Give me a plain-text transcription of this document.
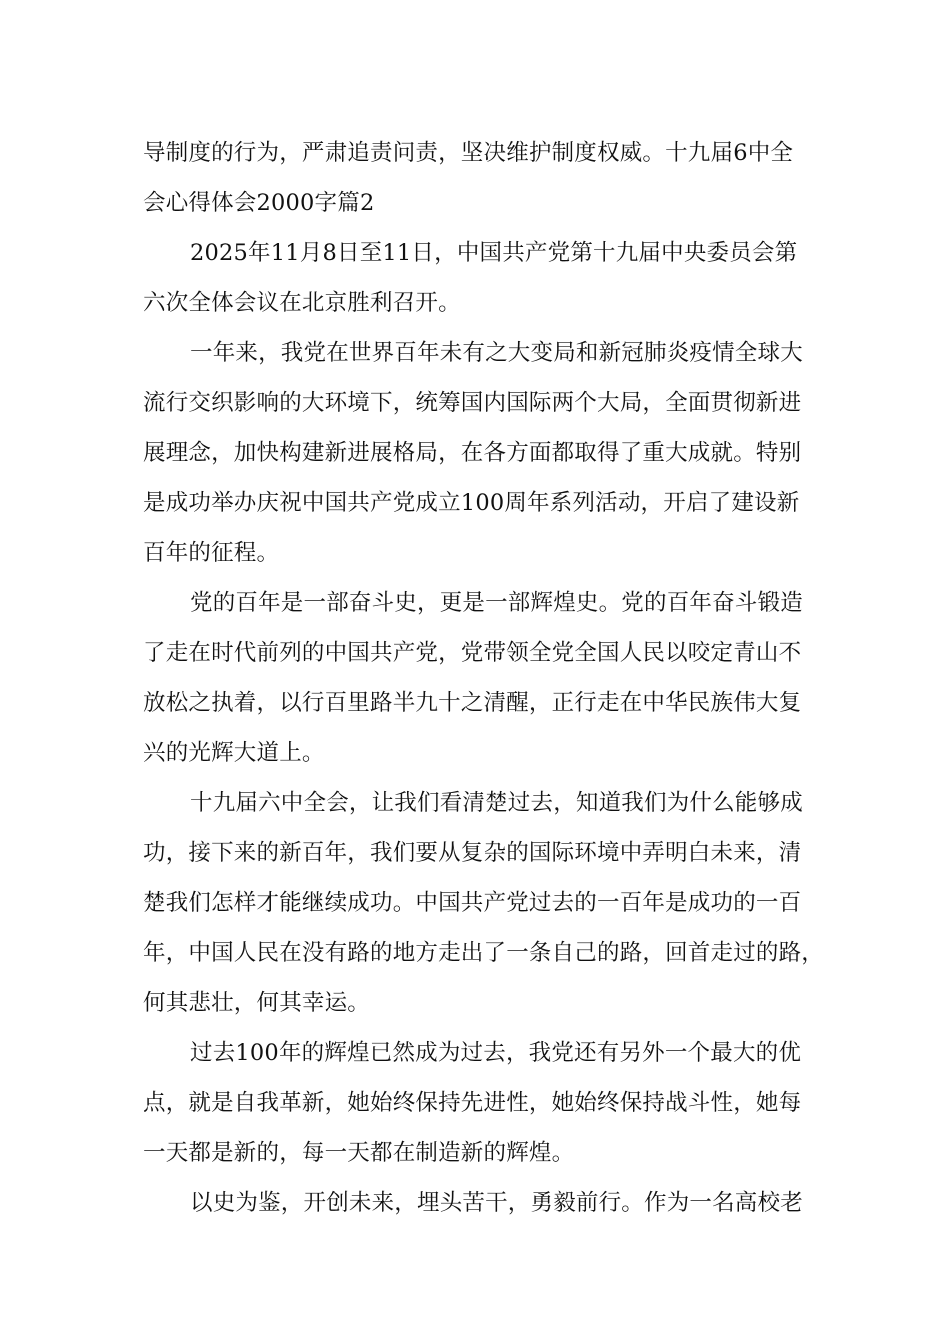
导制度的行为，严肃追责问责，坚决维护制度权威。十九届6中全
会心得体会2000字篇2
2025年11月8日至11日，中国共产党第十九届中央委员会第
六次全体会议在北京胜利召开。
一年来，我党在世界百年未有之大变局和新冠肺炎疫情全球大
流行交织影响的大环境下，统筹国内国际两个大局，全面贯彻新进
展理念，加快构建新进展格局，在各方面都取得了重大成就。特别
是成功举办庆祝中国共产党成立100周年系列活动，开启了建设新
百年的征程。
党的百年是一部奋斗史，更是一部辉煌史。党的百年奋斗锻造
了走在时代前列的中国共产党，党带领全党全国人民以咬定青山不
放松之执着，以行百里路半九十之清醒，正行走在中华民族伟大复
兴的光辉大道上。
十九届六中全会，让我们看清楚过去，知道我们为什么能够成
功，接下来的新百年，我们要从复杂的国际环境中弄明白未来，清
楚我们怎样才能继续成功。中国共产党过去的一百年是成功的一百
年，中国人民在没有路的地方走出了一条自己的路，回首走过的路，
何其悲壮，何其幸运。
过去100年的辉煌已然成为过去，我党还有另外一个最大的优
点，就是自我革新，她始终保持先进性，她始终保持战斗性，她每
一天都是新的，每一天都在制造新的辉煌。
以史为鉴，开创未来，埋头苦干，勇毅前行。作为一名高校老
